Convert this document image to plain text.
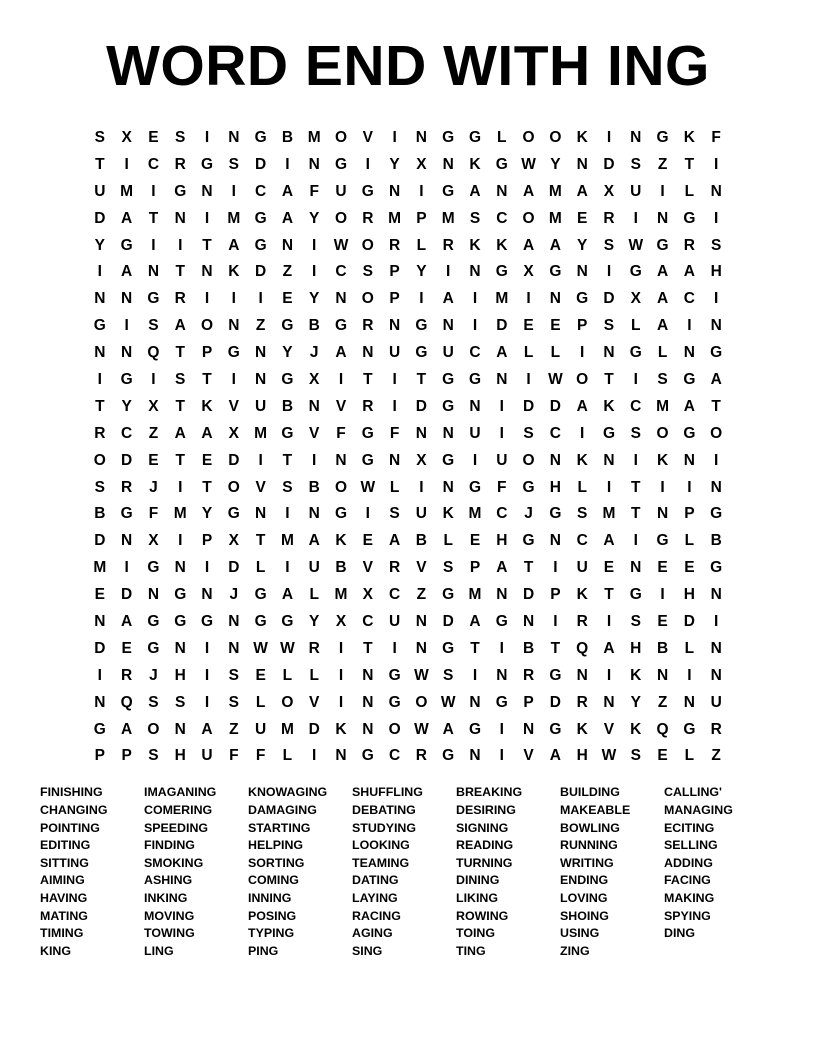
WORD END WITH ING
S	X	E	S	I	N G B M O	V	I	N G G	L	O O K	I	N G K	F
T	I	C	R G	S	D	I	N G	I	Y	X	N	K G W Y	N	D	S	Z	T	I
U M	I	G N	I	C	A	F	U G N	I	G A	N	A M A	X	U	I	L	N
D	A	T	N	I	M G A	Y	O R M P M S	C O M E	R	I	N G	I
Y	G	I	I	T	A G N	I	W O R	L	R	K	K	A	A	Y	S W G R	S
I	A	N	T	N	K	D	Z	I	C	S	P	Y	I	N G	X	G N	I	G A	A	H
N	N G R	I	I	I	E	Y	N O	P	I	A	I	M	I	N G D	X	A	C	I
G	I	S	A O N	Z	G B G R	N G N	I	D	E	E	P	S	L	A	I	N
N	N Q	T	P	G N	Y	J	A	N	U G U	C	A	L	L	I	N G	L	N G
I	G	I	S	T	I	N G	X	I	T	I	T	G G N	I	W O	T	I	S	G A
T	Y	X	T	K	V	U	B	N	V	R	I	D G N	I	D	D	A	K	C M A	T
R	C	Z	A	A	X M G	V	F	G	F	N	N	U	I	S	C	I	G	S	O G O
O D	E	T	E	D	I	T	I	N G N	X	G	I	U O N	K	N	I	K	N	I
S	R	J	I	T	O	V	S	B O W L	I	N G	F	G H	L	I	T	I	I	N
B G	F	M Y	G N	I	N G	I	S	U	K M C	J	G	S M	T	N	P	G
D	N	X	I	P	X	T	M A	K	E	A	B	L	E	H G N	C	A	I	G	L	B
M	I	G N	I	D	L	I	U	B	V	R	V	S	P	A	T	I	U	E	N	E	E	G
E	D	N G N	J	G A	L	M X	C	Z	G M N	D	P	K	T	G	I	H	N
N	A G G G N G G	Y	X	C	U	N	D	A G N	I	R	I	S	E	D	I
D	E	G N	I	N W W R	I	T	I	N G	T	I	B	T	Q A	H	B	L	N
I	R	J	H	I	S	E	L	L	I	N G W S	I	N	R G N	I	K	N	I	N
N Q	S	S	I	S	L	O	V	I	N G O W N G	P	D	R	N	Y	Z	N	U
G A O N	A	Z	U M D	K	N O W A G	I	N G K	V	K Q G R
P	P	S	H	U	F	F	L	I	N G C	R G N	I	V	A	H W S	E	L	Z
FINISHING
CHANGING
POINTING
EDITING
SITTING
AIMING
HAVING
MATING
TIMING
KING
IMAGANING
COMERING
SPEEDING
FINDING
SMOKING
ASHING
INKING
MOVING
TOWING
LING
KNOWAGING
DAMAGING
STARTING
HELPING
SORTING
COMING
INNING
POSING
TYPING
PING
SHUFFLING
DEBATING
STUDYING
LOOKING
TEAMING
DATING
LAYING
RACING
AGING
SING
BREAKING
DESIRING
SIGNING
READING
TURNING
DINING
LIKING
ROWING
TOING
TING
BUILDING
MAKEABLE
BOWLING
RUNNING
WRITING
ENDING
LOVING
SHOING
USING
ZING
CALLING'
MANAGING
ECITING
SELLING
ADDING
FACING
MAKING
SPYING
DING
